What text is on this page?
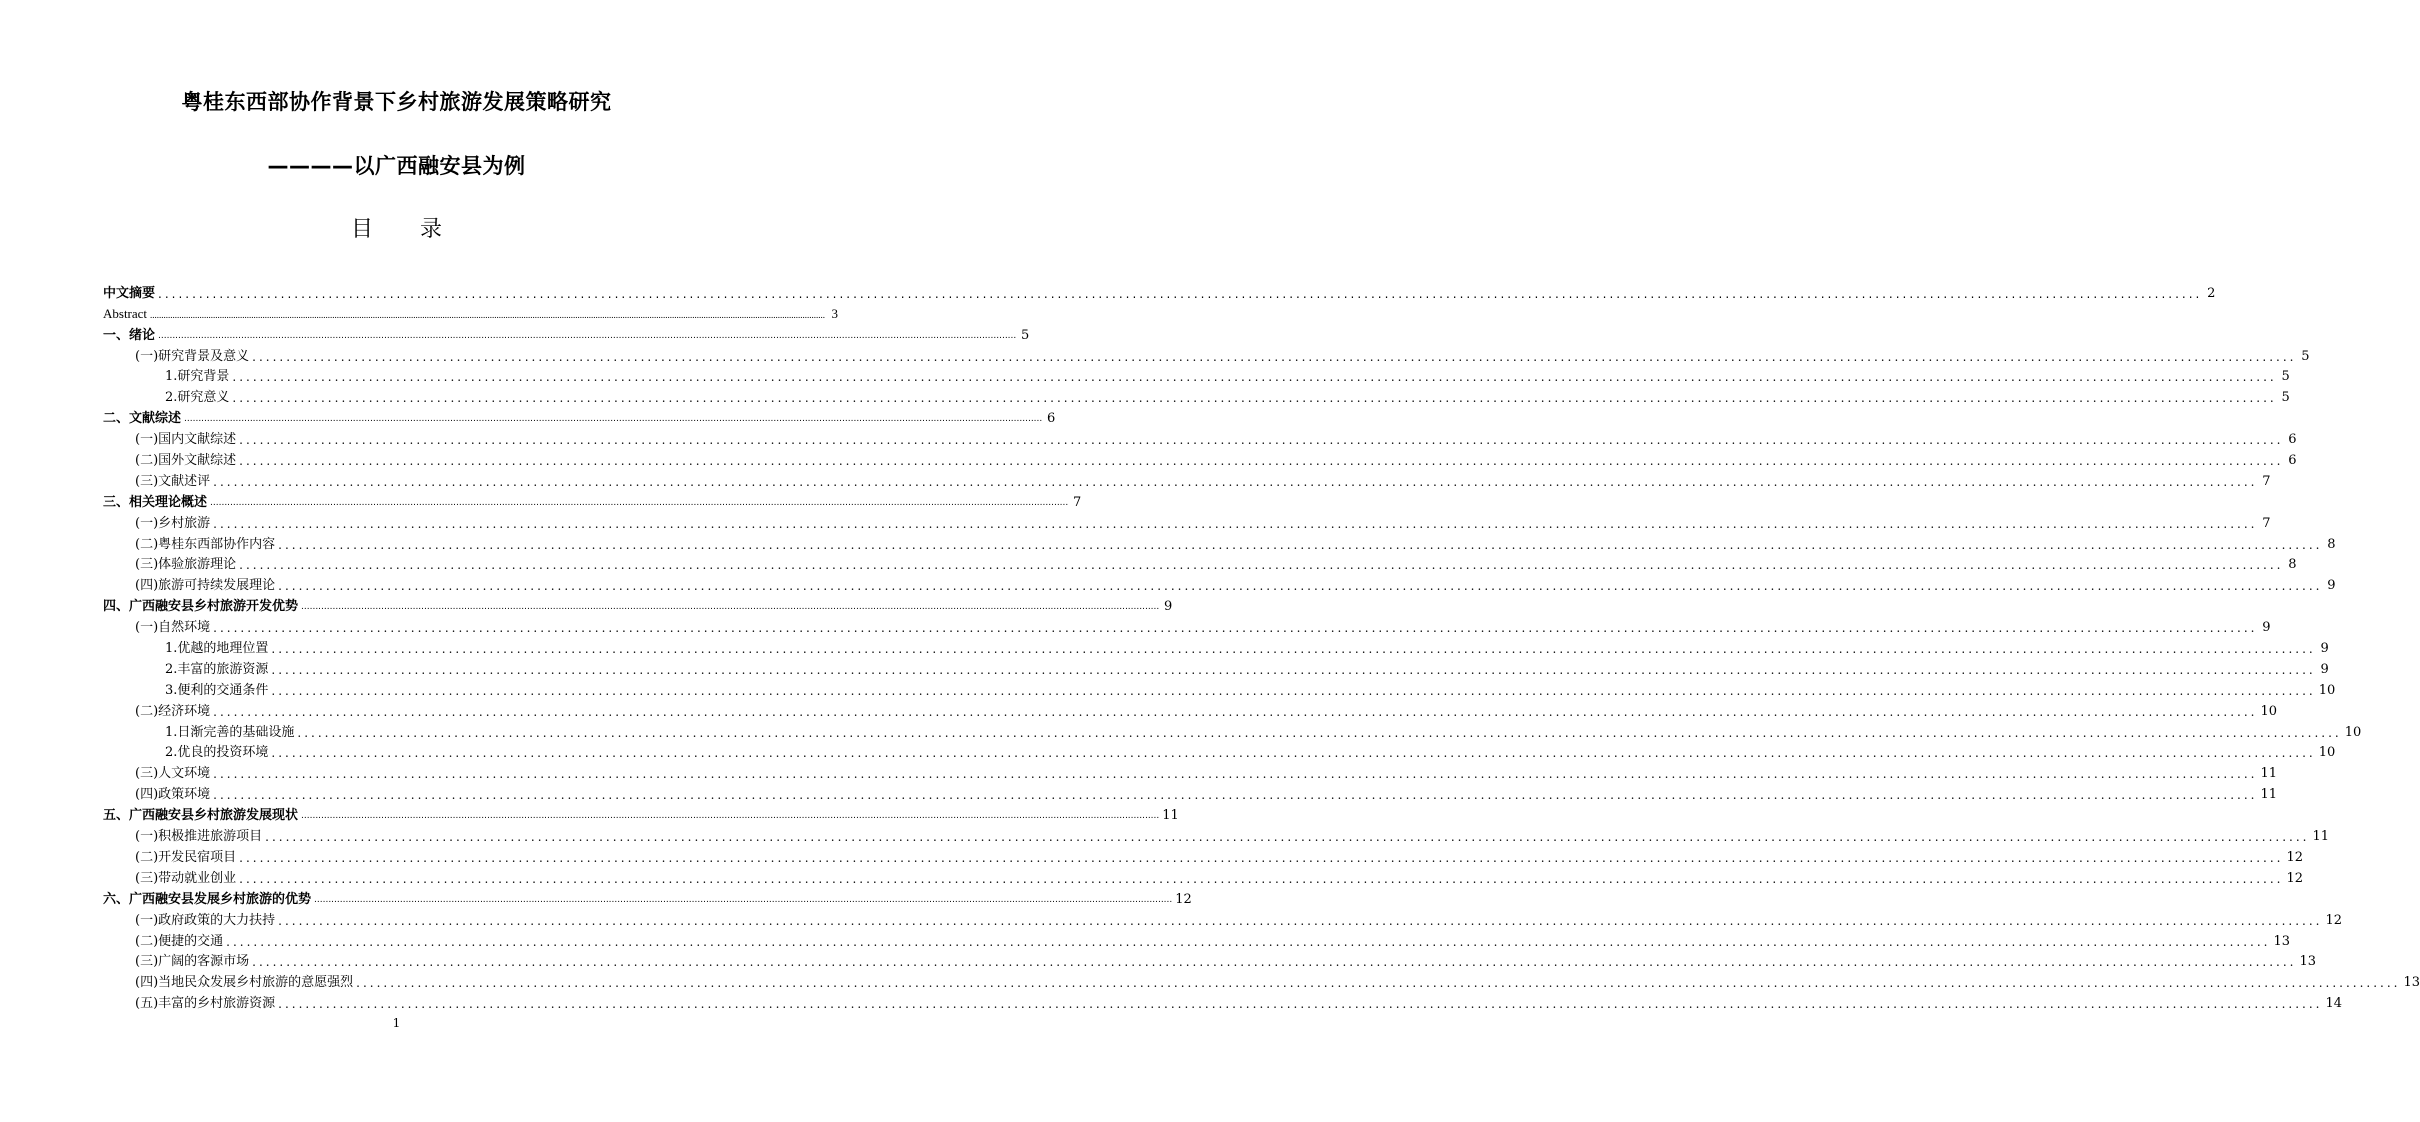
粤桂东西部协作背景下乡村旅游发展策略研究
————以广西融安县为例
目 录
中文摘要 ............................................................................................................................................................................................................................................................................................................ 2
Abstract ............................................................................................................................................................................................................................................................................................................ 3
一、绪论 ............................................................................................................................................................................................................................................................................................................ 5
(一)研究背景及意义 ............................................................................................................................................................................................................................................................................................................ 5
1.研究背景 ............................................................................................................................................................................................................................................................................................................ 5
2.研究意义 ............................................................................................................................................................................................................................................................................................................ 5
二、文献综述 ............................................................................................................................................................................................................................................................................................................ 6
(一)国内文献综述 ............................................................................................................................................................................................................................................................................................................ 6
(二)国外文献综述 ............................................................................................................................................................................................................................................................................................................ 6
(三)文献述评 ............................................................................................................................................................................................................................................................................................................ 7
三、相关理论概述 ............................................................................................................................................................................................................................................................................................................ 7
(一)乡村旅游 ............................................................................................................................................................................................................................................................................................................ 7
(二)粤桂东西部协作内容 ............................................................................................................................................................................................................................................................................................................ 8
(三)体验旅游理论 ............................................................................................................................................................................................................................................................................................................ 8
(四)旅游可持续发展理论 ............................................................................................................................................................................................................................................................................................................ 9
四、广西融安县乡村旅游开发优势 ............................................................................................................................................................................................................................................................................................................ 9
(一)自然环境 ............................................................................................................................................................................................................................................................................................................ 9
1.优越的地理位置 ............................................................................................................................................................................................................................................................................................................ 9
2.丰富的旅游资源 ............................................................................................................................................................................................................................................................................................................ 9
3.便利的交通条件 ............................................................................................................................................................................................................................................................................................................ 10
(二)经济环境 ............................................................................................................................................................................................................................................................................................................ 10
1.日渐完善的基础设施 ............................................................................................................................................................................................................................................................................................................ 10
2.优良的投资环境 ............................................................................................................................................................................................................................................................................................................ 10
(三)人文环境 ............................................................................................................................................................................................................................................................................................................ 11
(四)政策环境 ............................................................................................................................................................................................................................................................................................................ 11
五、广西融安县乡村旅游发展现状 ............................................................................................................................................................................................................................................................................................................ 11
(一)积极推进旅游项目 ............................................................................................................................................................................................................................................................................................................ 11
(二)开发民宿项目 ............................................................................................................................................................................................................................................................................................................ 12
(三)带动就业创业 ............................................................................................................................................................................................................................................................................................................ 12
六、广西融安县发展乡村旅游的优势 ............................................................................................................................................................................................................................................................................................................ 12
(一)政府政策的大力扶持 ............................................................................................................................................................................................................................................................................................................ 12
(二)便捷的交通 ............................................................................................................................................................................................................................................................................................................ 13
(三)广阔的客源市场 ............................................................................................................................................................................................................................................................................................................ 13
(四)当地民众发展乡村旅游的意愿强烈 ............................................................................................................................................................................................................................................................................................................ 13
(五)丰富的乡村旅游资源 ............................................................................................................................................................................................................................................................................................................ 14
1
